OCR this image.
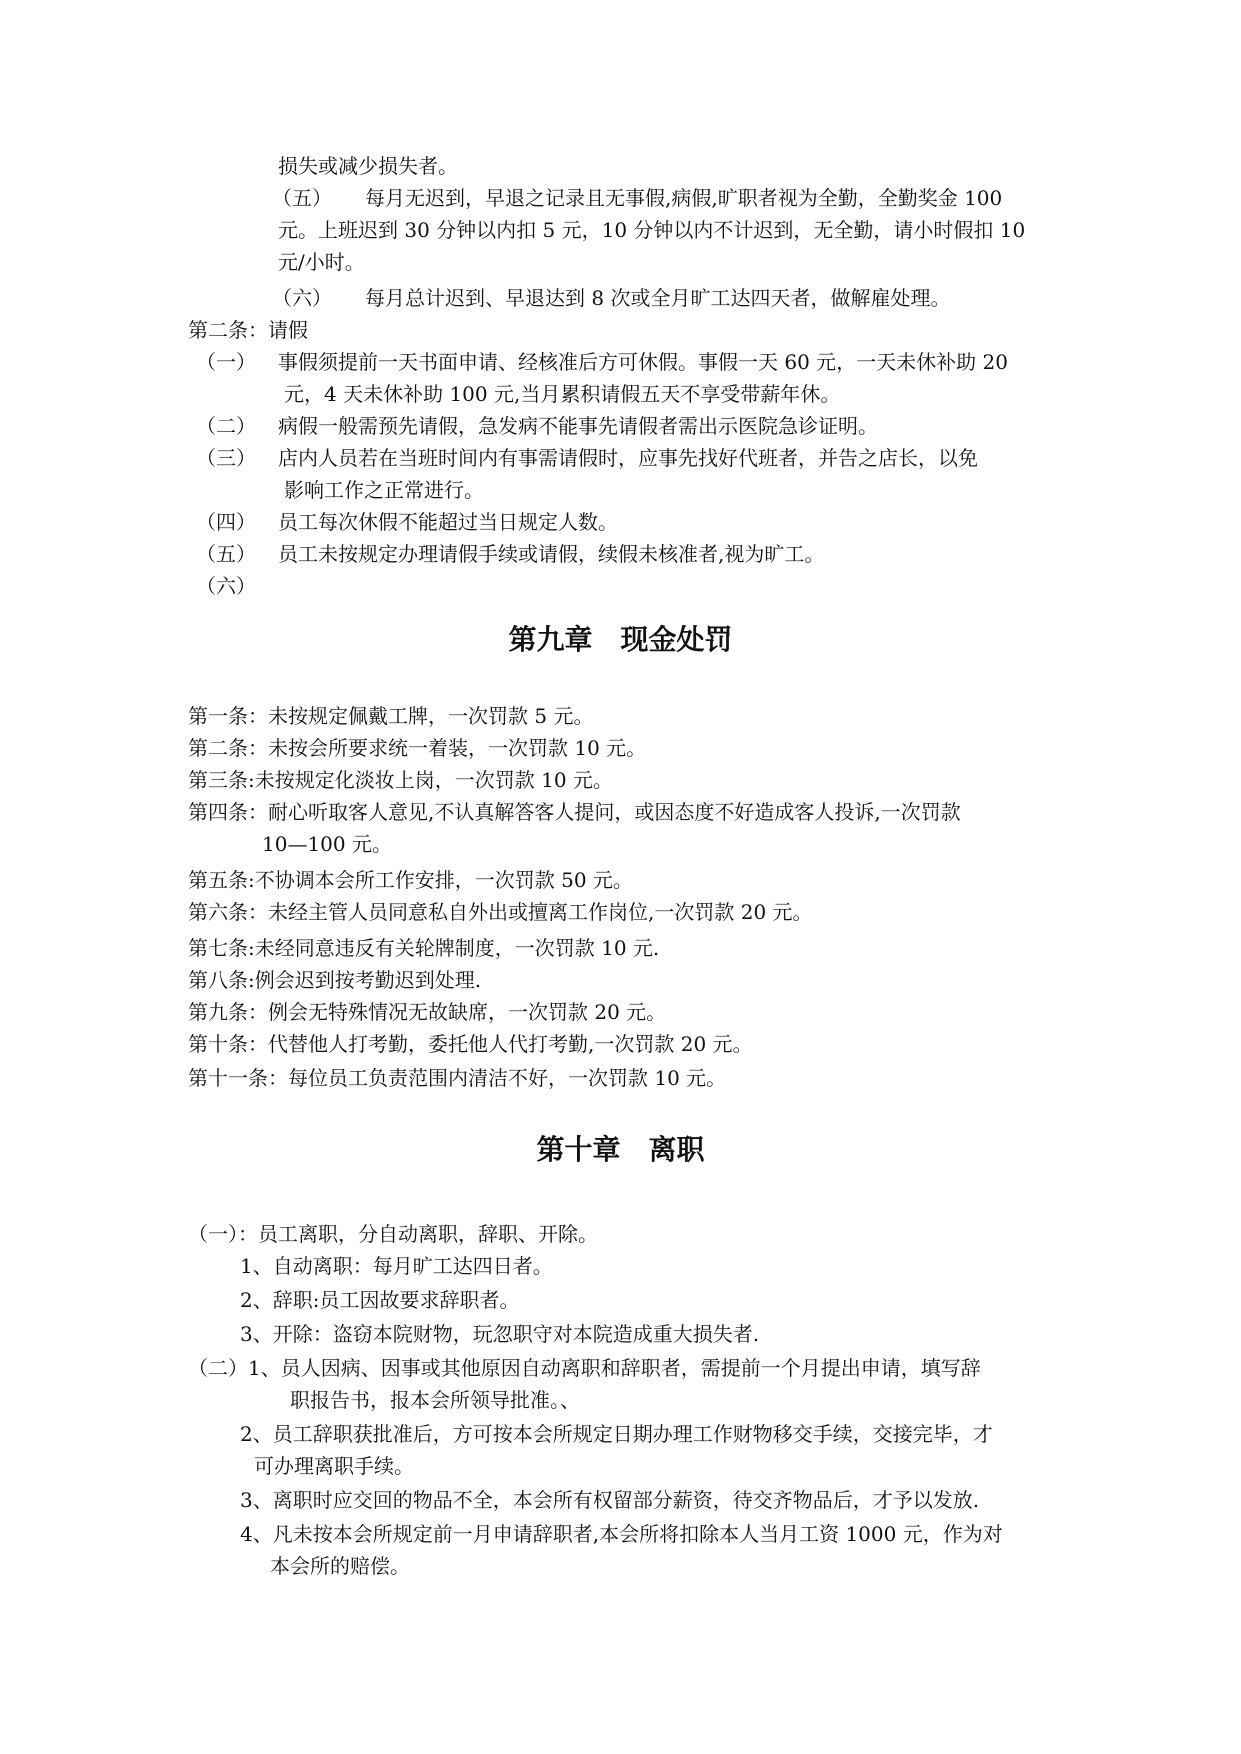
损失或减少损失者。
（五） 每月无迟到，早退之记录且无事假,病假,旷职者视为全勤，全勤奖金 100
元。上班迟到 30 分钟以内扣 5 元，10 分钟以内不计迟到，无全勤，请小时假扣 10
元/小时。
（六） 每月总计迟到、早退达到 8 次或全月旷工达四天者，做解雇处理。
第二条：请假
（一） 事假须提前一天书面申请、经核准后方可休假。事假一天 60 元，一天未休补助 20
元，4 天未休补助 100 元,当月累积请假五天不享受带薪年休。
（二） 病假一般需预先请假，急发病不能事先请假者需出示医院急诊证明。
（三） 店内人员若在当班时间内有事需请假时，应事先找好代班者，并告之店长，以免
影响工作之正常进行。
（四） 员工每次休假不能超过当日规定人数。
（五） 员工未按规定办理请假手续或请假，续假未核准者,视为旷工。
（六）
第九章　现金处罚
第一条：未按规定佩戴工牌，一次罚款 5 元。
第二条：未按会所要求统一着装，一次罚款 10 元。
第三条:未按规定化淡妆上岗，一次罚款 10 元。
第四条：耐心听取客人意见,不认真解答客人提问，或因态度不好造成客人投诉,一次罚款
10—100 元。
第五条:不协调本会所工作安排，一次罚款 50 元。
第六条：未经主管人员同意私自外出或擅离工作岗位,一次罚款 20 元。
第七条:未经同意违反有关轮牌制度，一次罚款 10 元.
第八条:例会迟到按考勤迟到处理.
第九条：例会无特殊情况无故缺席，一次罚款 20 元。
第十条：代替他人打考勤，委托他人代打考勤,一次罚款 20 元。
第十一条：每位员工负责范围内清洁不好，一次罚款 10 元。
第十章　离职
（一）：员工离职，分自动离职，辞职、开除。
1、自动离职：每月旷工达四日者。
2、辞职:员工因故要求辞职者。
3、开除：盗窃本院财物，玩忽职守对本院造成重大损失者.
（二）1、员人因病、因事或其他原因自动离职和辞职者，需提前一个月提出申请，填写辞
职报告书，报本会所领导批准。、
2、员工辞职获批准后，方可按本会所规定日期办理工作财物移交手续，交接完毕，才
可办理离职手续。
3、离职时应交回的物品不全，本会所有权留部分薪资，待交齐物品后，才予以发放.
4、凡未按本会所规定前一月申请辞职者,本会所将扣除本人当月工资 1000 元，作为对
本会所的赔偿。
